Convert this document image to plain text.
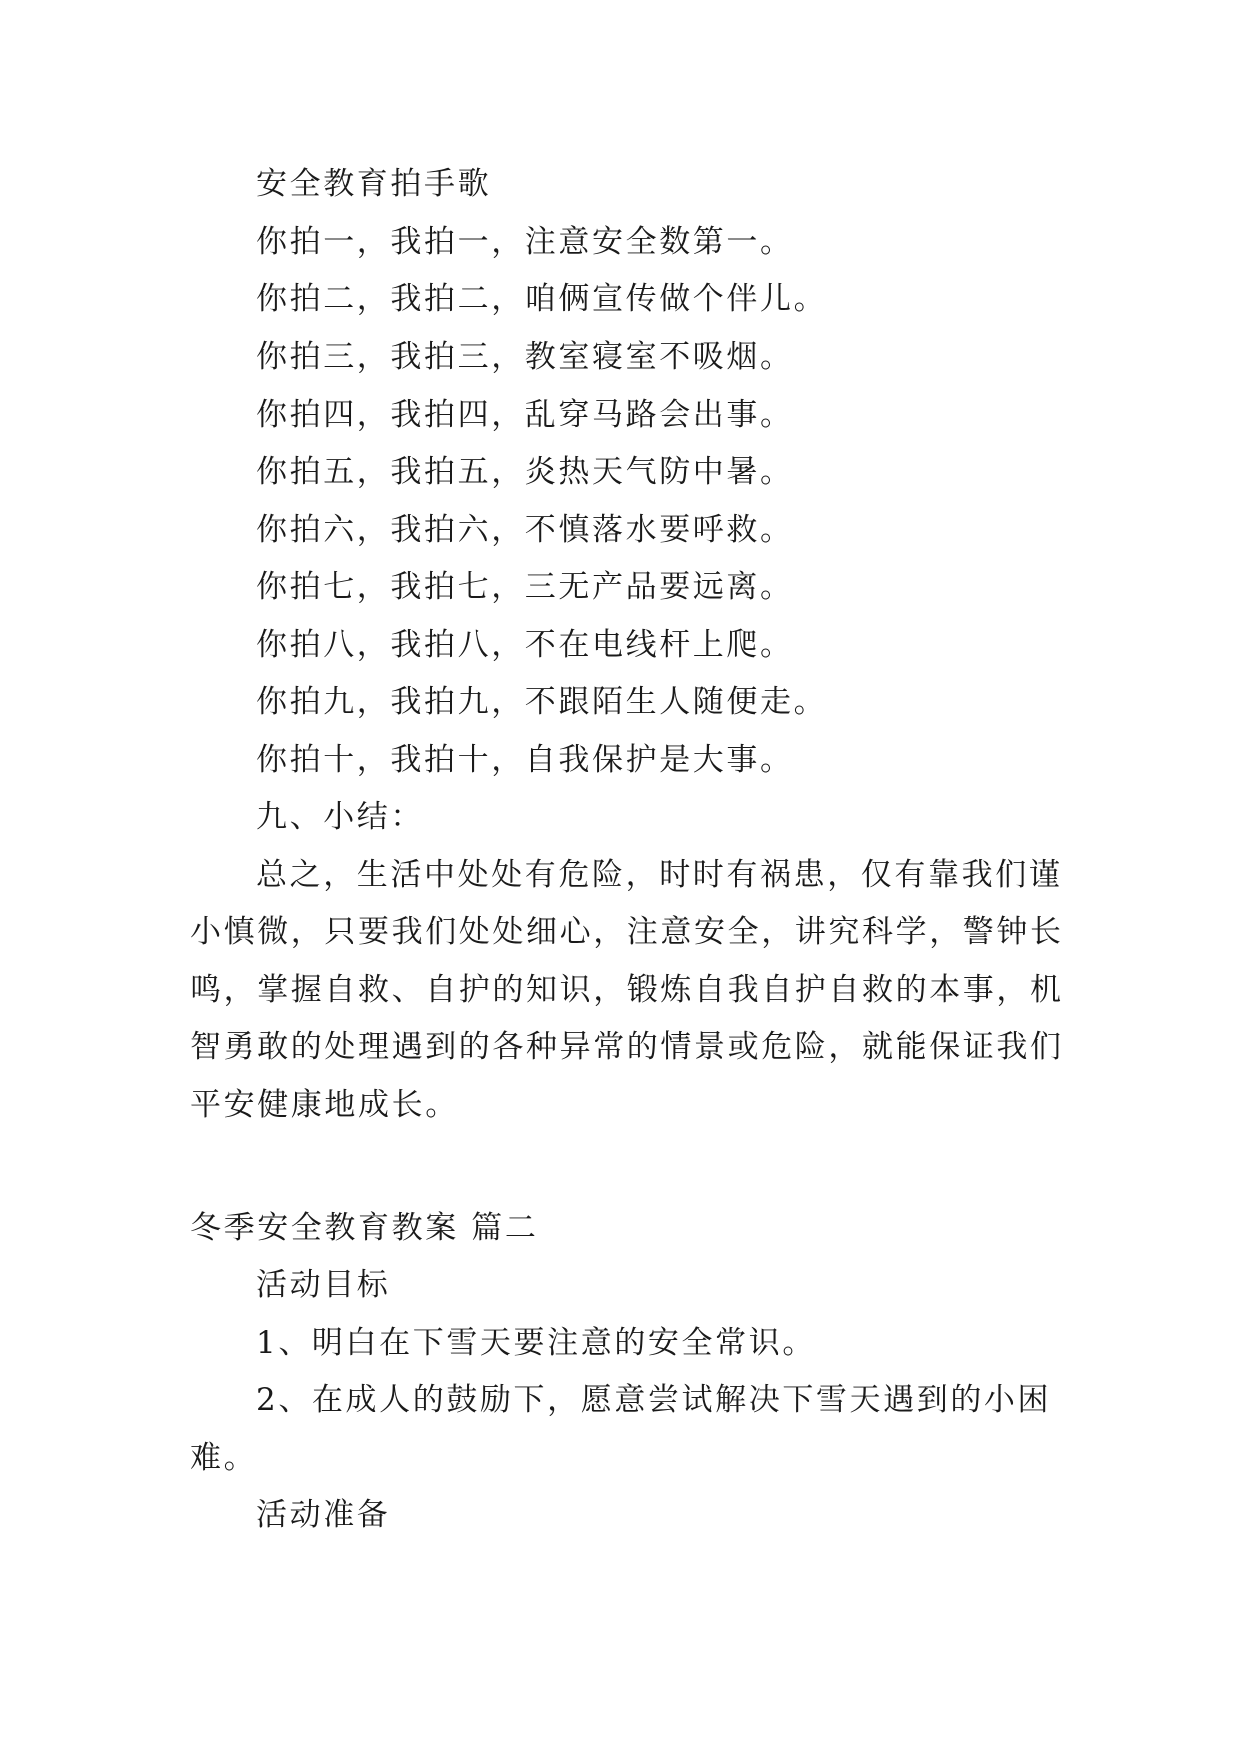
安全教育拍手歌
你拍一，我拍一，注意安全数第一。
你拍二，我拍二，咱俩宣传做个伴儿。
你拍三，我拍三，教室寝室不吸烟。
你拍四，我拍四，乱穿马路会出事。
你拍五，我拍五，炎热天气防中暑。
你拍六，我拍六，不慎落水要呼救。
你拍七，我拍七，三无产品要远离。
你拍八，我拍八，不在电线杆上爬。
你拍九，我拍九，不跟陌生人随便走。
你拍十，我拍十，自我保护是大事。
九、小结：
总之，生活中处处有危险，时时有祸患，仅有靠我们谨
小慎微，只要我们处处细心，注意安全，讲究科学，警钟长
鸣，掌握自救、自护的知识，锻炼自我自护自救的本事，机
智勇敢的处理遇到的各种异常的情景或危险，就能保证我们
平安健康地成长。
冬季安全教育教案 篇二
活动目标
1、明白在下雪天要注意的安全常识。
2、在成人的鼓励下，愿意尝试解决下雪天遇到的小困
难。
活动准备
